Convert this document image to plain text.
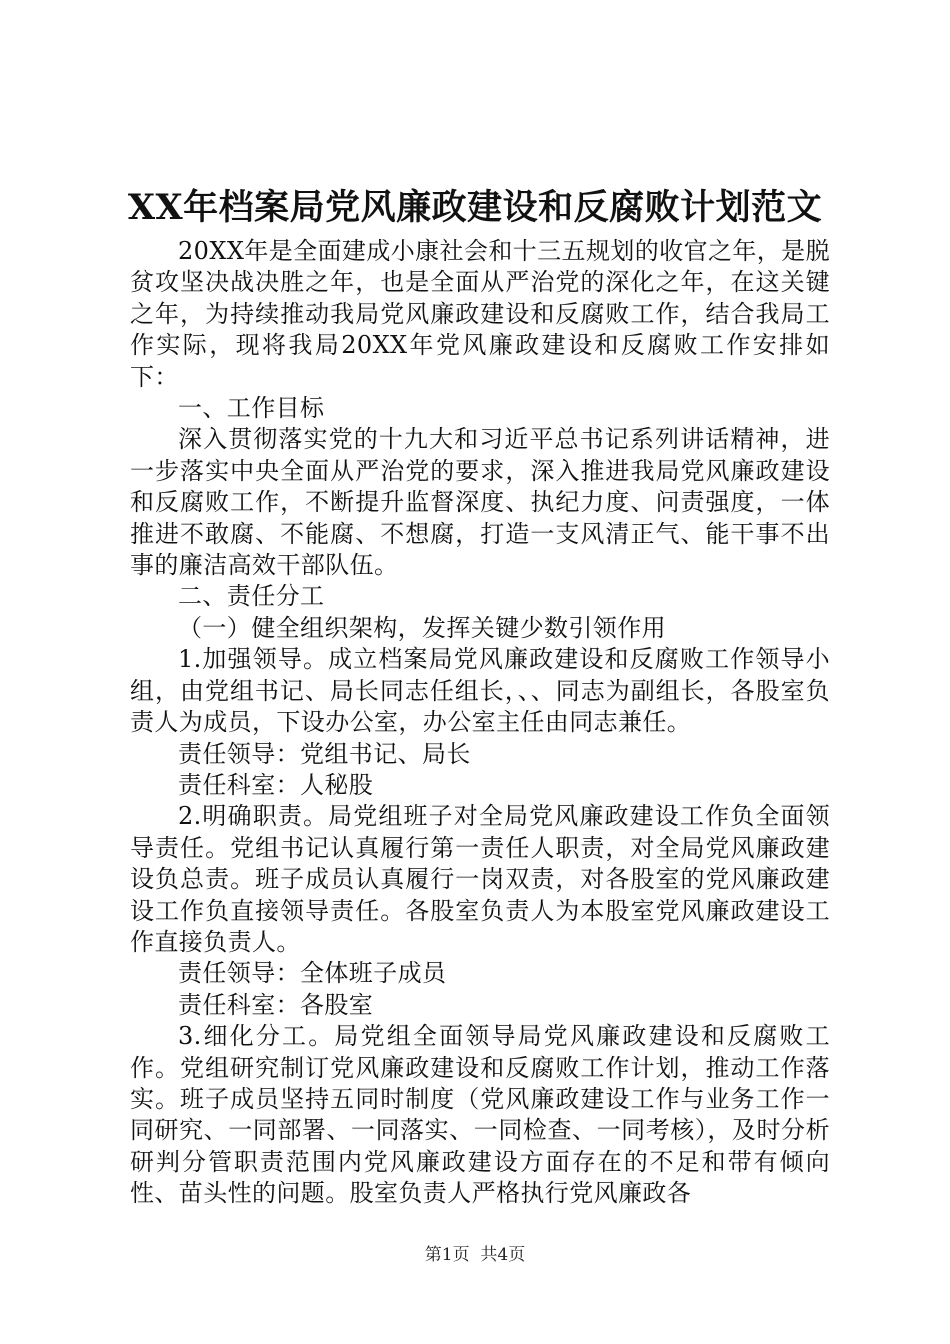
XX年档案局党风廉政建设和反腐败计划范文

20XX年是全面建成小康社会和十三五规划的收官之年，是脱贫攻坚决战决胜之年，也是全面从严治党的深化之年，在这关键之年，为持续推动我局党风廉政建设和反腐败工作，结合我局工作实际，现将我局20XX年党风廉政建设和反腐败工作安排如下：

一、工作目标

深入贯彻落实党的十九大和习近平总书记系列讲话精神，进一步落实中央全面从严治党的要求，深入推进我局党风廉政建设和反腐败工作，不断提升监督深度、执纪力度、问责强度，一体推进不敢腐、不能腐、不想腐，打造一支风清正气、能干事不出事的廉洁高效干部队伍。

二、责任分工

（一）健全组织架构，发挥关键少数引领作用

1.加强领导。成立档案局党风廉政建设和反腐败工作领导小组，由党组书记、局长同志任组长，、、同志为副组长，各股室负责人为成员，下设办公室，办公室主任由同志兼任。

责任领导：党组书记、局长

责任科室：人秘股

2.明确职责。局党组班子对全局党风廉政建设工作负全面领导责任。党组书记认真履行第一责任人职责，对全局党风廉政建设负总责。班子成员认真履行一岗双责，对各股室的党风廉政建设工作负直接领导责任。各股室负责人为本股室党风廉政建设工作直接负责人。

责任领导：全体班子成员

责任科室：各股室

3.细化分工。局党组全面领导局党风廉政建设和反腐败工作。党组研究制订党风廉政建设和反腐败工作计划，推动工作落实。班子成员坚持五同时制度（党风廉政建设工作与业务工作一同研究、一同部署、一同落实、一同检查、一同考核），及时分析研判分管职责范围内党风廉政建设方面存在的不足和带有倾向性、苗头性的问题。股室负责人严格执行党风廉政各

第1页 共4页
